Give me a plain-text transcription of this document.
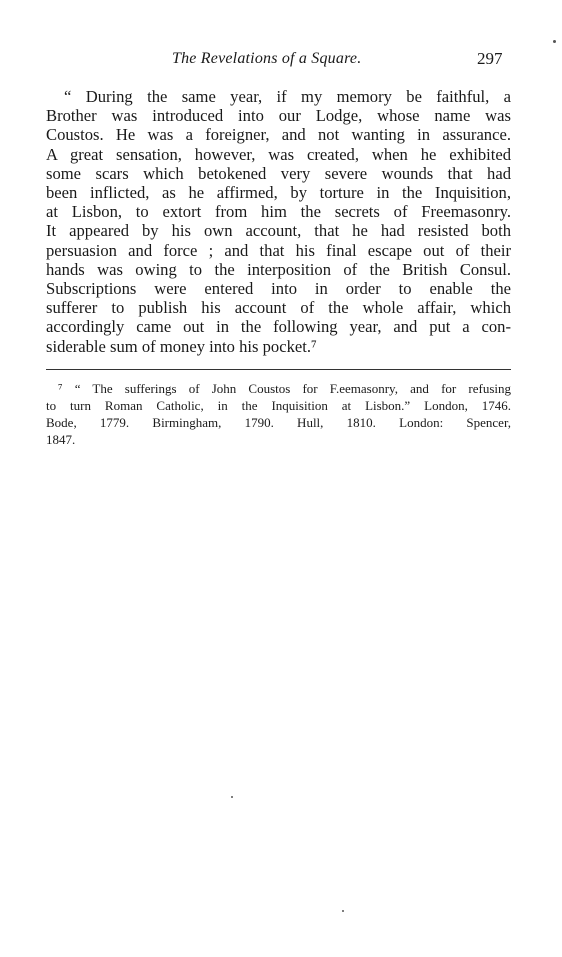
The Revelations of a Square.	297
“ During the same year, if my memory be faithful, a
Brother was introduced into our Lodge, whose name was
Coustos. He was a foreigner, and not wanting in assurance.
A great sensation, however, was created, when he exhibited
some scars which betokened very severe wounds that had
been inflicted, as he affirmed, by torture in the Inquisition,
at Lisbon, to extort from him the secrets of Freemasonry.
It appeared by his own account, that he had resisted both
persuasion and force ; and that his final escape out of their
hands was owing to the interposition of the British Consul.
Subscriptions were entered into in order to enable the
sufferer to publish his account of the whole affair, which
accordingly came out in the following year, and put a con-
siderable sum of money into his pocket.⁷
⁷ “ The sufferings of John Coustos for F.eemasonry, and for refusing
to turn Roman Catholic, in the Inquisition at Lisbon.” London, 1746.
Bode, 1779. Birmingham, 1790. Hull, 1810. London: Spencer,
1847.
